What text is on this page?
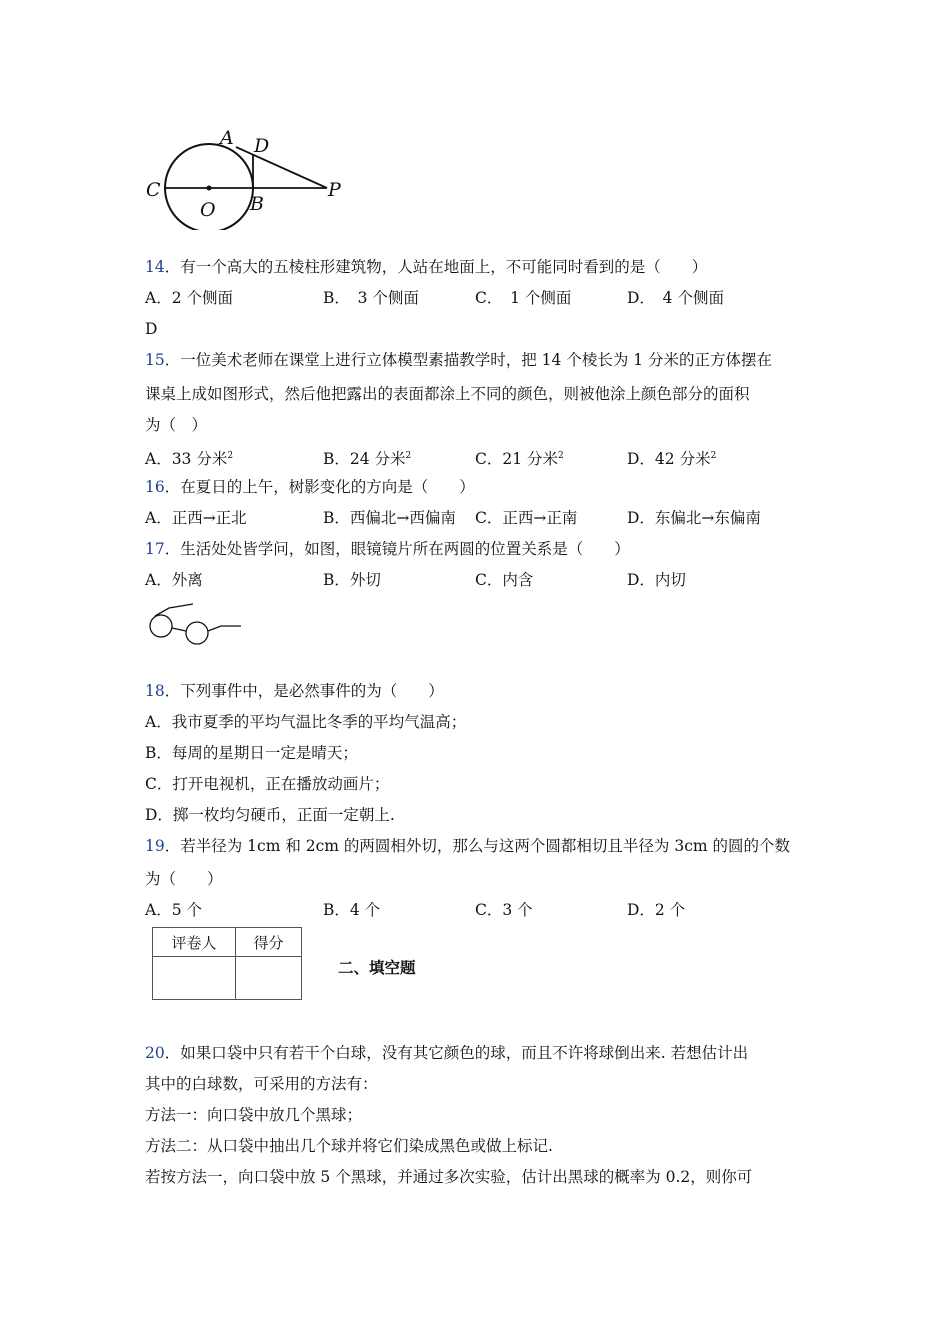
A D
C
O B
P
14．有一个高大的五棱柱形建筑物，人站在地面上，不可能同时看到的是（　　）
A．2 个侧面	B．　3 个侧面	C．　1 个侧面	D．　4 个侧面
D
15．一位美术老师在课堂上进行立体模型素描教学时，把 14 个棱长为 1 分米的正方体摆在
课桌上成如图形式，然后他把露出的表面都涂上不同的颜色，则被他涂上颜色部分的面积
为（　）
A．33 分米$^2$	B．24 分米$^2$	C．21 分米$^2$	D．42 分米$^2$
16．在夏日的上午，树影变化的方向是（　　）
A．正西→正北	B．西偏北→西偏南 C．正西→正南	D．东偏北→东偏南
17．生活处处皆学问，如图，眼镜镜片所在两圆的位置关系是（　　）
A．外离	B．外切	C．内含	D．内切
18．下列事件中，是必然事件的为（　　）
A．我市夏季的平均气温比冬季的平均气温高；
B．每周的星期日一定是晴天；
C．打开电视机，正在播放动画片；
D．掷一枚均匀硬币，正面一定朝上.
19．若半径为 1cm 和 2cm 的两圆相外切，那么与这两个圆都相切且半径为 3cm 的圆的个数
为（　　）
A．5 个	B．4 个	C．3 个	D．2 个
评卷人	得分

二、填空题
20．如果口袋中只有若干个白球，没有其它颜色的球，而且不许将球倒出来. 若想估计出
其中的白球数，可采用的方法有：
方法一：向口袋中放几个黑球；
方法二：从口袋中抽出几个球并将它们染成黑色或做上标记.
若按方法一，向口袋中放 5 个黑球，并通过多次实验，估计出黑球的概率为 0.2，则你可
